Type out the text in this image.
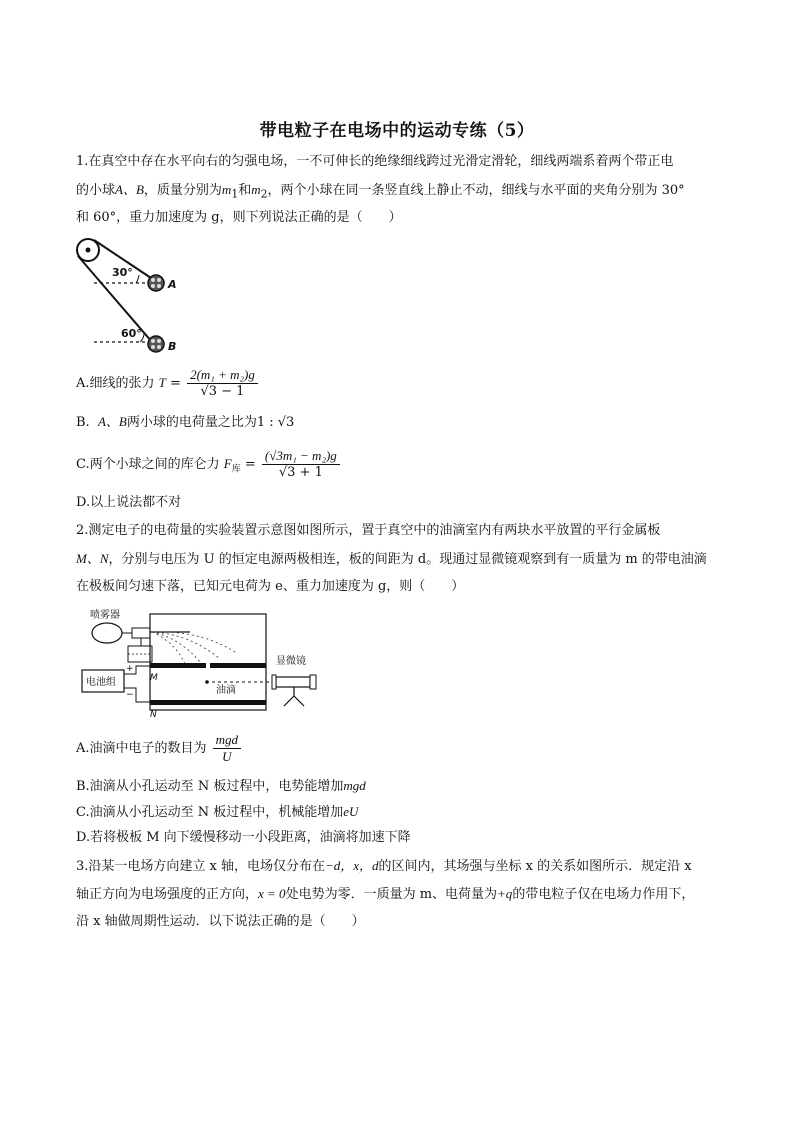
带电粒子在电场中的运动专练（5）
1.在真空中存在水平向右的匀强电场，一不可伸长的绝缘细线跨过光滑定滑轮，细线两端系着两个带正电
的小球A、B，质量分别为$m_1$和$m_2$，两个小球在同一条竖直线上静止不动，细线与水平面的夹角分别为 30°
和 60°，重力加速度为 g，则下列说法正确的是（　　）
30°
60°
A
B
A.细线的张力 $T = \frac{\text{2(m₁ + m₂)g}}{√3 - 1}$
B. A、B两小球的电荷量之比为1 : √3
C.两个小球之间的库仑力 $F_库 = \frac{\text{(√3m₁ − m₂)g}}{√3 + 1}$
D.以上说法都不对
2.测定电子的电荷量的实验装置示意图如图所示，置于真空中的油滴室内有两块水平放置的平行金属板
M、N，分别与电压为 U 的恒定电源两极相连，板的间距为 d。现通过显微镜观察到有一质量为 m 的带电油滴
在极板间匀速下落，已知元电荷为 e、重力加速度为 g，则（　　）
喷雾器
电池组
+
−
M
N
油滴
显微镜
A.油滴中电子的数目为 $\frac{\text{mgd}}{U}$
B.油滴从小孔运动至 N 板过程中，电势能增加mgd
C.油滴从小孔运动至 N 板过程中，机械能增加eU
D.若将极板 M 向下缓慢移动一小段距离，油滴将加速下降
3.沿某一电场方向建立 x 轴，电场仅分布在−d，x，d的区间内，其场强与坐标 x 的关系如图所示．规定沿 x
轴正方向为电场强度的正方向，x = 0处电势为零．一质量为 m、电荷量为+q的带电粒子仅在电场力作用下，
沿 x 轴做周期性运动．以下说法正确的是（　　）
